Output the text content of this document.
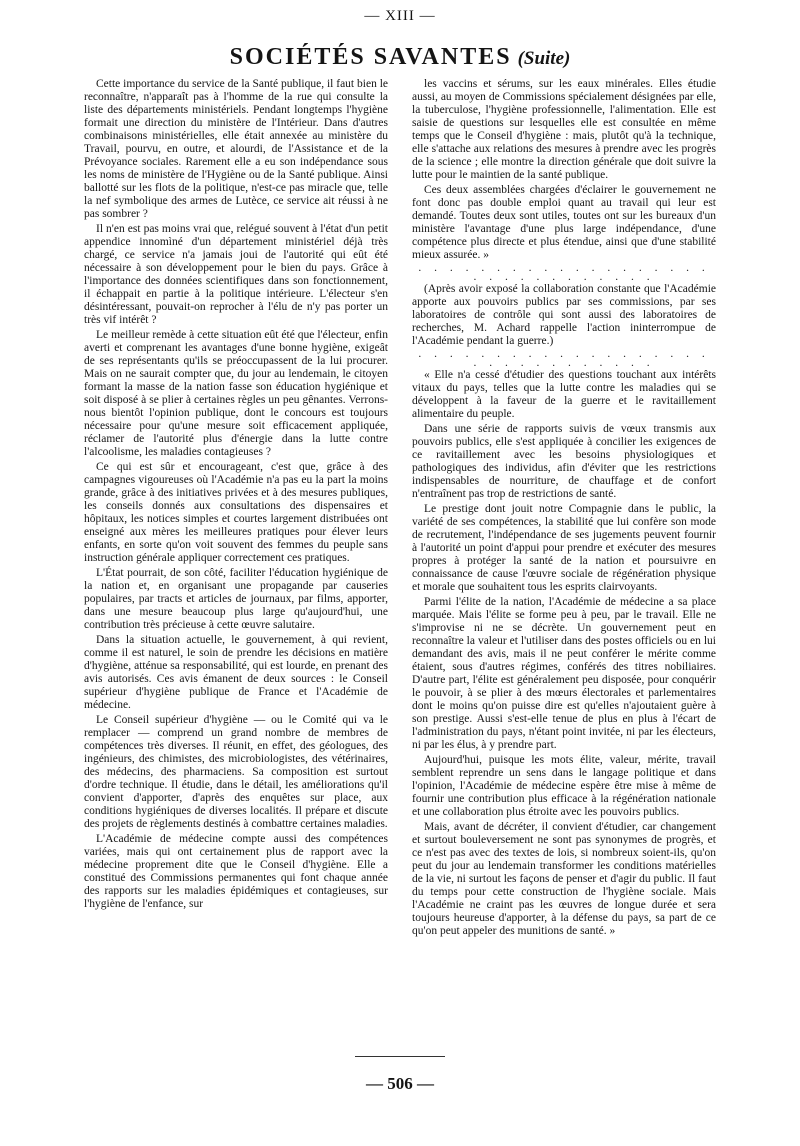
— XIII —
SOCIÉTÉS SAVANTES (Suite)

Cette importance du service de la Santé publique, il faut bien le reconnaître, n'apparaît pas à l'homme de la rue qui consulte la liste des départements ministériels. Pendant longtemps l'hygiène formait une direction du ministère de l'Intérieur. Dans d'autres combinaisons ministérielles, elle était annexée au ministère du Travail, pourvu, en outre, et alourdi, de l'Assistance et de la Prévoyance sociales. Rarement elle a eu son indépendance sous les noms de ministère de l'Hygiène ou de la Santé publique. Ainsi ballotté sur les flots de la politique, n'est-ce pas miracle que, telle la nef symbolique des armes de Lutèce, ce service ait réussi à ne pas sombrer ?

Il n'en est pas moins vrai que, relégué souvent à l'état d'un petit appendice innomìné d'un département ministériel déjà très chargé, ce service n'a jamais joui de l'autorité qui eût été nécessaire à son développement pour le bien du pays. Grâce à l'importance des données scientifiques dans son fonctionnement, il échappait en partie à la politique intérieure. L'électeur s'en désintéressant, pouvait-on reprocher à l'élu de n'y pas porter un très vif intérêt ?

Le meilleur remède à cette situation eût été que l'électeur, enfin averti et comprenant les avantages d'une bonne hygiène, exigeât de ses représentants qu'ils se préoccupassent de la lui procurer. Mais on ne saurait compter que, du jour au lendemain, le citoyen formant la masse de la nation fasse son éducation hygiénique et soit disposé à se plier à certaines règles un peu gênantes. Verrons-nous bientôt l'opinion publique, dont le concours est toujours nécessaire pour qu'une mesure soit efficacement appliquée, réclamer de l'autorité plus d'énergie dans la lutte contre l'alcoolisme, les maladies contagieuses ?

Ce qui est sûr et encourageant, c'est que, grâce à des campagnes vigoureuses où l'Académie n'a pas eu la part la moins grande, grâce à des initiatives privées et à des mesures publiques, les conseils donnés aux consultations des dispensaires et hôpitaux, les notices simples et courtes largement distribuées ont enseigné aux mères les meilleures pratiques pour élever leurs enfants, en sorte qu'on voit souvent des femmes du peuple sans instruction générale appliquer correctement ces pratiques.

L'État pourrait, de son côté, faciliter l'éducation hygiénique de la nation et, en organisant une propagande par causeries populaires, par tracts et articles de journaux, par films, apporter, dans une mesure beaucoup plus large qu'aujourd'hui, une contribution très précieuse à cette œuvre salutaire.

Dans la situation actuelle, le gouvernement, à qui revient, comme il est naturel, le soin de prendre les décisions en matière d'hygiène, atténue sa responsabilité, qui est lourde, en prenant des avis autorisés. Ces avis émanent de deux sources : le Conseil supérieur d'hygiène publique de France et l'Académie de médecine.

Le Conseil supérieur d'hygiène — ou le Comité qui va le remplacer — comprend un grand nombre de membres de compétences très diverses. Il réunit, en effet, des géologues, des ingénieurs, des chimistes, des microbiologistes, des vétérinaires, des médecins, des pharmaciens. Sa composition est surtout d'ordre technique. Il étudie, dans le détail, les améliorations qu'il convient d'apporter, d'après des enquêtes sur place, aux conditions hygiéniques de diverses localités. Il prépare et discute des projets de règlements destinés à combattre certaines maladies.

L'Académie de médecine compte aussi des compétences variées, mais qui ont certainement plus de rapport avec la médecine proprement dite que le Conseil d'hygiène. Elle a constitué des Commissions permanentes qui font chaque année des rapports sur les maladies épidémiques et contagieuses, sur l'hygiène de l'enfance, sur

les vaccins et sérums, sur les eaux minérales. Elles étudie aussi, au moyen de Commissions spécialement désignées par elle, la tuberculose, l'hygiène professionnelle, l'alimentation. Elle est saisie de questions sur lesquelles elle est consultée en même temps que le Conseil d'hygiène : mais, plutôt qu'à la technique, elle s'attache aux relations des mesures à prendre avec les progrès de la science ; elle montre la direction générale que doit suivre la lutte pour le maintien de la santé publique.

Ces deux assemblées chargées d'éclairer le gouvernement ne font donc pas double emploi quant au travail qui leur est demandé. Toutes deux sont utiles, toutes ont sur les bureaux d'un ministère l'avantage d'une plus large indépendance, d'une compétence plus directe et plus étendue, ainsi que d'une stabilité mieux assurée. »

. . . . . . . . . . . . . . . . . . . . . . . . . . . . . . .

(Après avoir exposé la collaboration constante que l'Académie apporte aux pouvoirs publics par ses commissions, par ses laboratoires de contrôle qui sont aussi des laboratoires de recherches, M. Achard rappelle l'action ininterrompue de l'Académie pendant la guerre.)

. . . . . . . . . . . . . . . . . . . . . . . . . . . . . . .

« Elle n'a cessé d'étudier des questions touchant aux intérêts vitaux du pays, telles que la lutte contre les maladies qui se développent à la faveur de la guerre et le ravitaillement alimentaire du peuple.

Dans une série de rapports suivis de vœux transmis aux pouvoirs publics, elle s'est appliquée à concilier les exigences de ce ravitaillement avec les besoins physiologiques et pathologiques des individus, afin d'éviter que les restrictions indispensables de nourriture, de chauffage et de confort n'entraînent pas trop de restrictions de santé.

Le prestige dont jouit notre Compagnie dans le public, la variété de ses compétences, la stabilité que lui confère son mode de recrutement, l'indépendance de ses jugements peuvent fournir à l'autorité un point d'appui pour prendre et exécuter des mesures propres à protéger la santé de la nation et poursuivre en connaissance de cause l'œuvre sociale de régénération physique et morale que souhaitent tous les esprits clairvoyants.

Parmi l'élite de la nation, l'Académie de médecine a sa place marquée. Mais l'élite se forme peu à peu, par le travail. Elle ne s'improvise ni ne se décrète. Un gouvernement peut en reconnaître la valeur et l'utiliser dans des postes officiels ou en lui demandant des avis, mais il ne peut conférer le mérite comme étaient, sous d'autres régimes, conférés des titres nobiliaires. D'autre part, l'élite est généralement peu disposée, pour conquérir le pouvoir, à se plier à des mœurs électorales et parlementaires dont le moins qu'on puisse dire est qu'elles n'ajoutaient guère à son prestige. Aussi s'est-elle tenue de plus en plus à l'écart de l'administration du pays, n'étant point invitée, ni par les électeurs, ni par les élus, à y prendre part.

Aujourd'hui, puisque les mots élite, valeur, mérite, travail semblent reprendre un sens dans le langage politique et dans l'opinion, l'Académie de médecine espère être mise à même de fournir une contribution plus efficace à la régénération nationale et une collaboration plus étroite avec les pouvoirs publics.

Mais, avant de décréter, il convient d'étudier, car changement et surtout bouleversement ne sont pas synonymes de progrès, et ce n'est pas avec des textes de lois, si nombreux soient-ils, qu'on peut du jour au lendemain transformer les conditions matérielles de la vie, ni surtout les façons de penser et d'agir du public. Il faut du temps pour cette construction de l'hygiène sociale. Mais l'Académie ne craint pas les œuvres de longue durée et sera toujours heureuse d'apporter, à la défense du pays, sa part de ce qu'on peut appeler des munitions de santé. »

— 506 —
